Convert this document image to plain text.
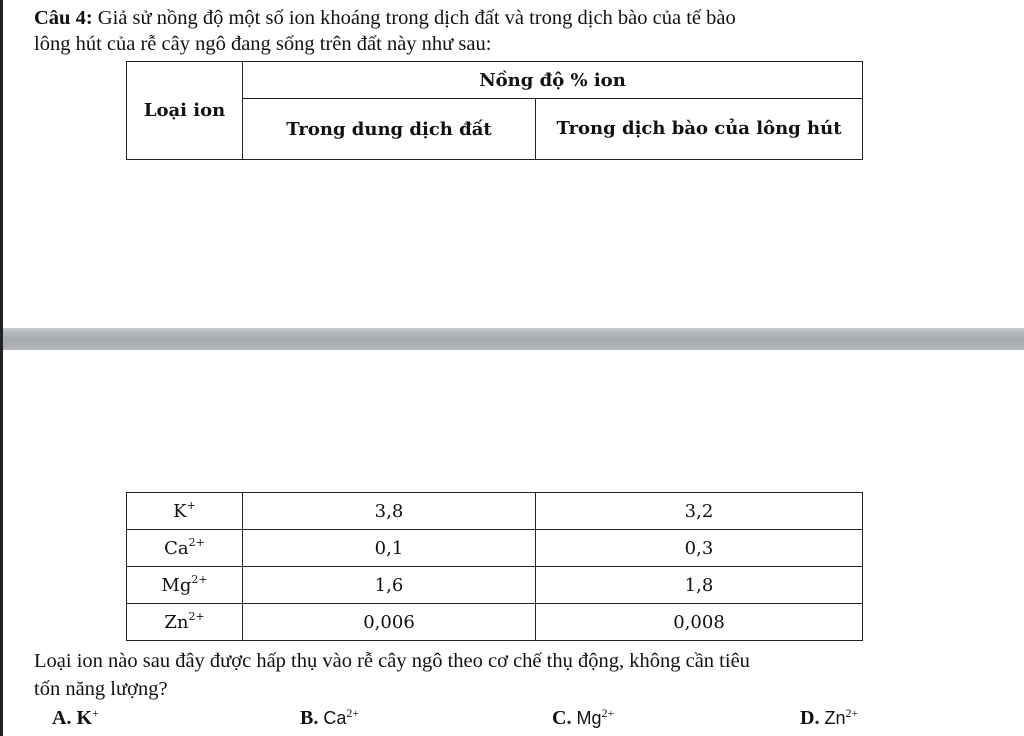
Câu 4: Giả sử nồng độ một số ion khoáng trong dịch đất và trong dịch bào của tế bào
lông hút của rễ cây ngô đang sống trên đất này như sau:
Loại ion	Nồng độ % ion	
	Trong dung dịch đất	Trong dịch bào của lông hút
K+	3,8	3,2
$Ca^{2+}$	0,1	0,3
$Mg^{2+}$	1,6	1,8
$Zn^{2+}$	0,006	0,008
Loại ion nào sau đây được hấp thụ vào rễ cây ngô theo cơ chế thụ động, không cần tiêu
tốn năng lượng?
A. K+	B. $Ca^{2+}$	C. $Mg^{2+}$	D. $Zn^{2+}$
